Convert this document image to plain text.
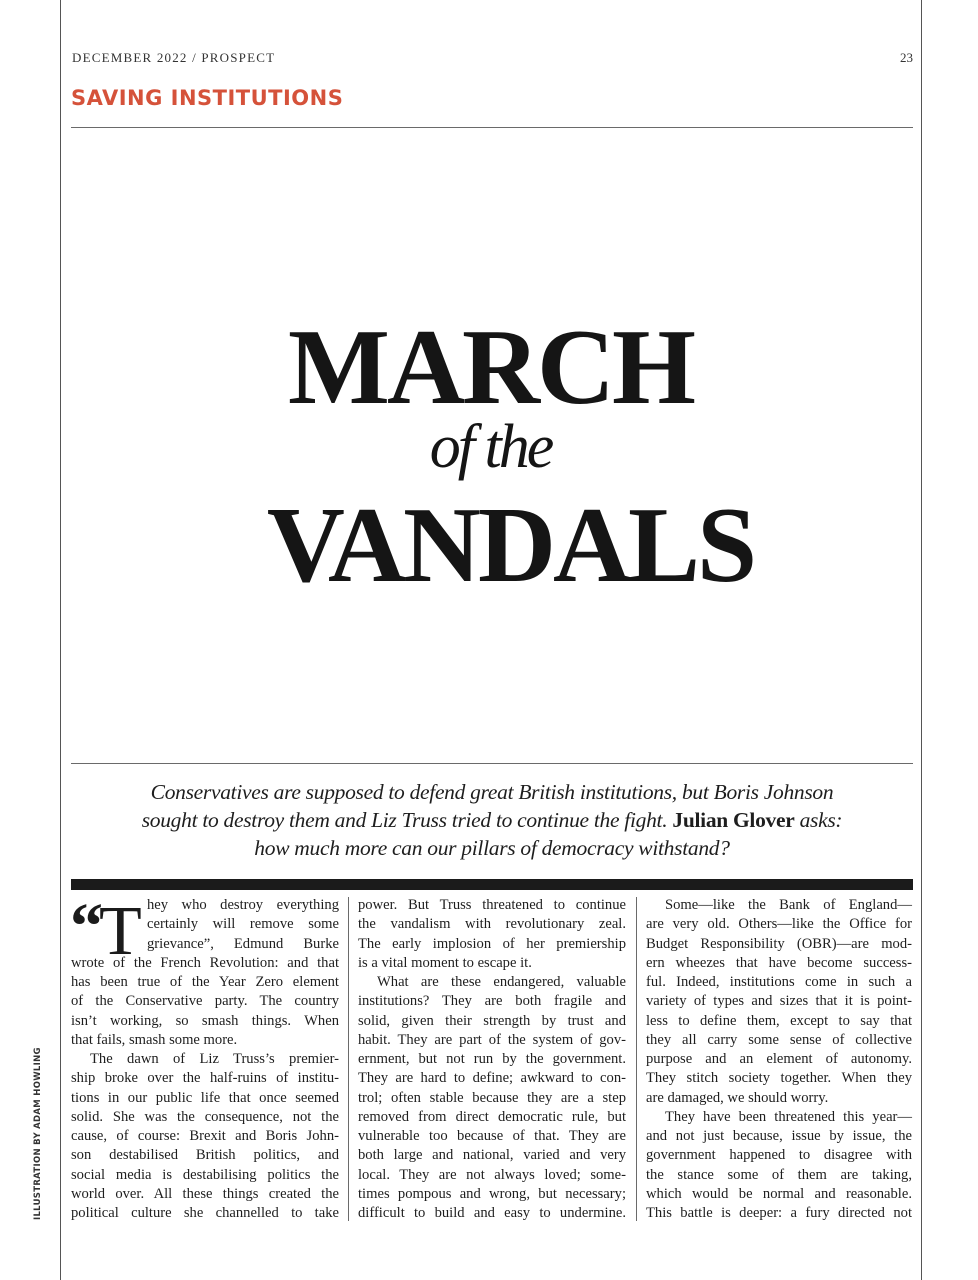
DECEMBER 2022 / PROSPECT	23
SAVING INSTITUTIONS
MARCH
of the
VANDALS
Conservatives are supposed to defend great British institutions, but Boris Johnson
sought to destroy them and Liz Truss tried to continue the fight. Julian Glover asks:
how much more can our pillars of democracy withstand?
“T hey who destroy everything
certainly will remove some
grievance”, Edmund Burke
wrote of the French Revolution: and that
has been true of the Year Zero element
of the Conservative party. The country
isn’t working, so smash things. When
that fails, smash some more.
The dawn of Liz Truss’s premier-
ship broke over the half-ruins of institu-
tions in our public life that once seemed
solid. She was the consequence, not the
cause, of course: Brexit and Boris John-
son destabilised British politics, and
social media is destabilising politics the
world over. All these things created the
political culture she channelled to take
power. But Truss threatened to continue
the vandalism with revolutionary zeal.
The early implosion of her premiership
is a vital moment to escape it.
What are these endangered, valuable
institutions? They are both fragile and
solid, given their strength by trust and
habit. They are part of the system of gov-
ernment, but not run by the government.
They are hard to define; awkward to con-
trol; often stable because they are a step
removed from direct democratic rule, but
vulnerable too because of that. They are
both large and national, varied and very
local. They are not always loved; some-
times pompous and wrong, but necessary;
difficult to build and easy to undermine.
Some—like the Bank of England—
are very old. Others—like the Office for
Budget Responsibility (OBR)—are mod-
ern wheezes that have become success-
ful. Indeed, institutions come in such a
variety of types and sizes that it is point-
less to define them, except to say that
they all carry some sense of collective
purpose and an element of autonomy.
They stitch society together. When they
are damaged, we should worry.
They have been threatened this year—
and not just because, issue by issue, the
government happened to disagree with
the stance some of them are taking,
which would be normal and reasonable.
This battle is deeper: a fury directed not
ILLUSTRATION BY ADAM HOWLING
